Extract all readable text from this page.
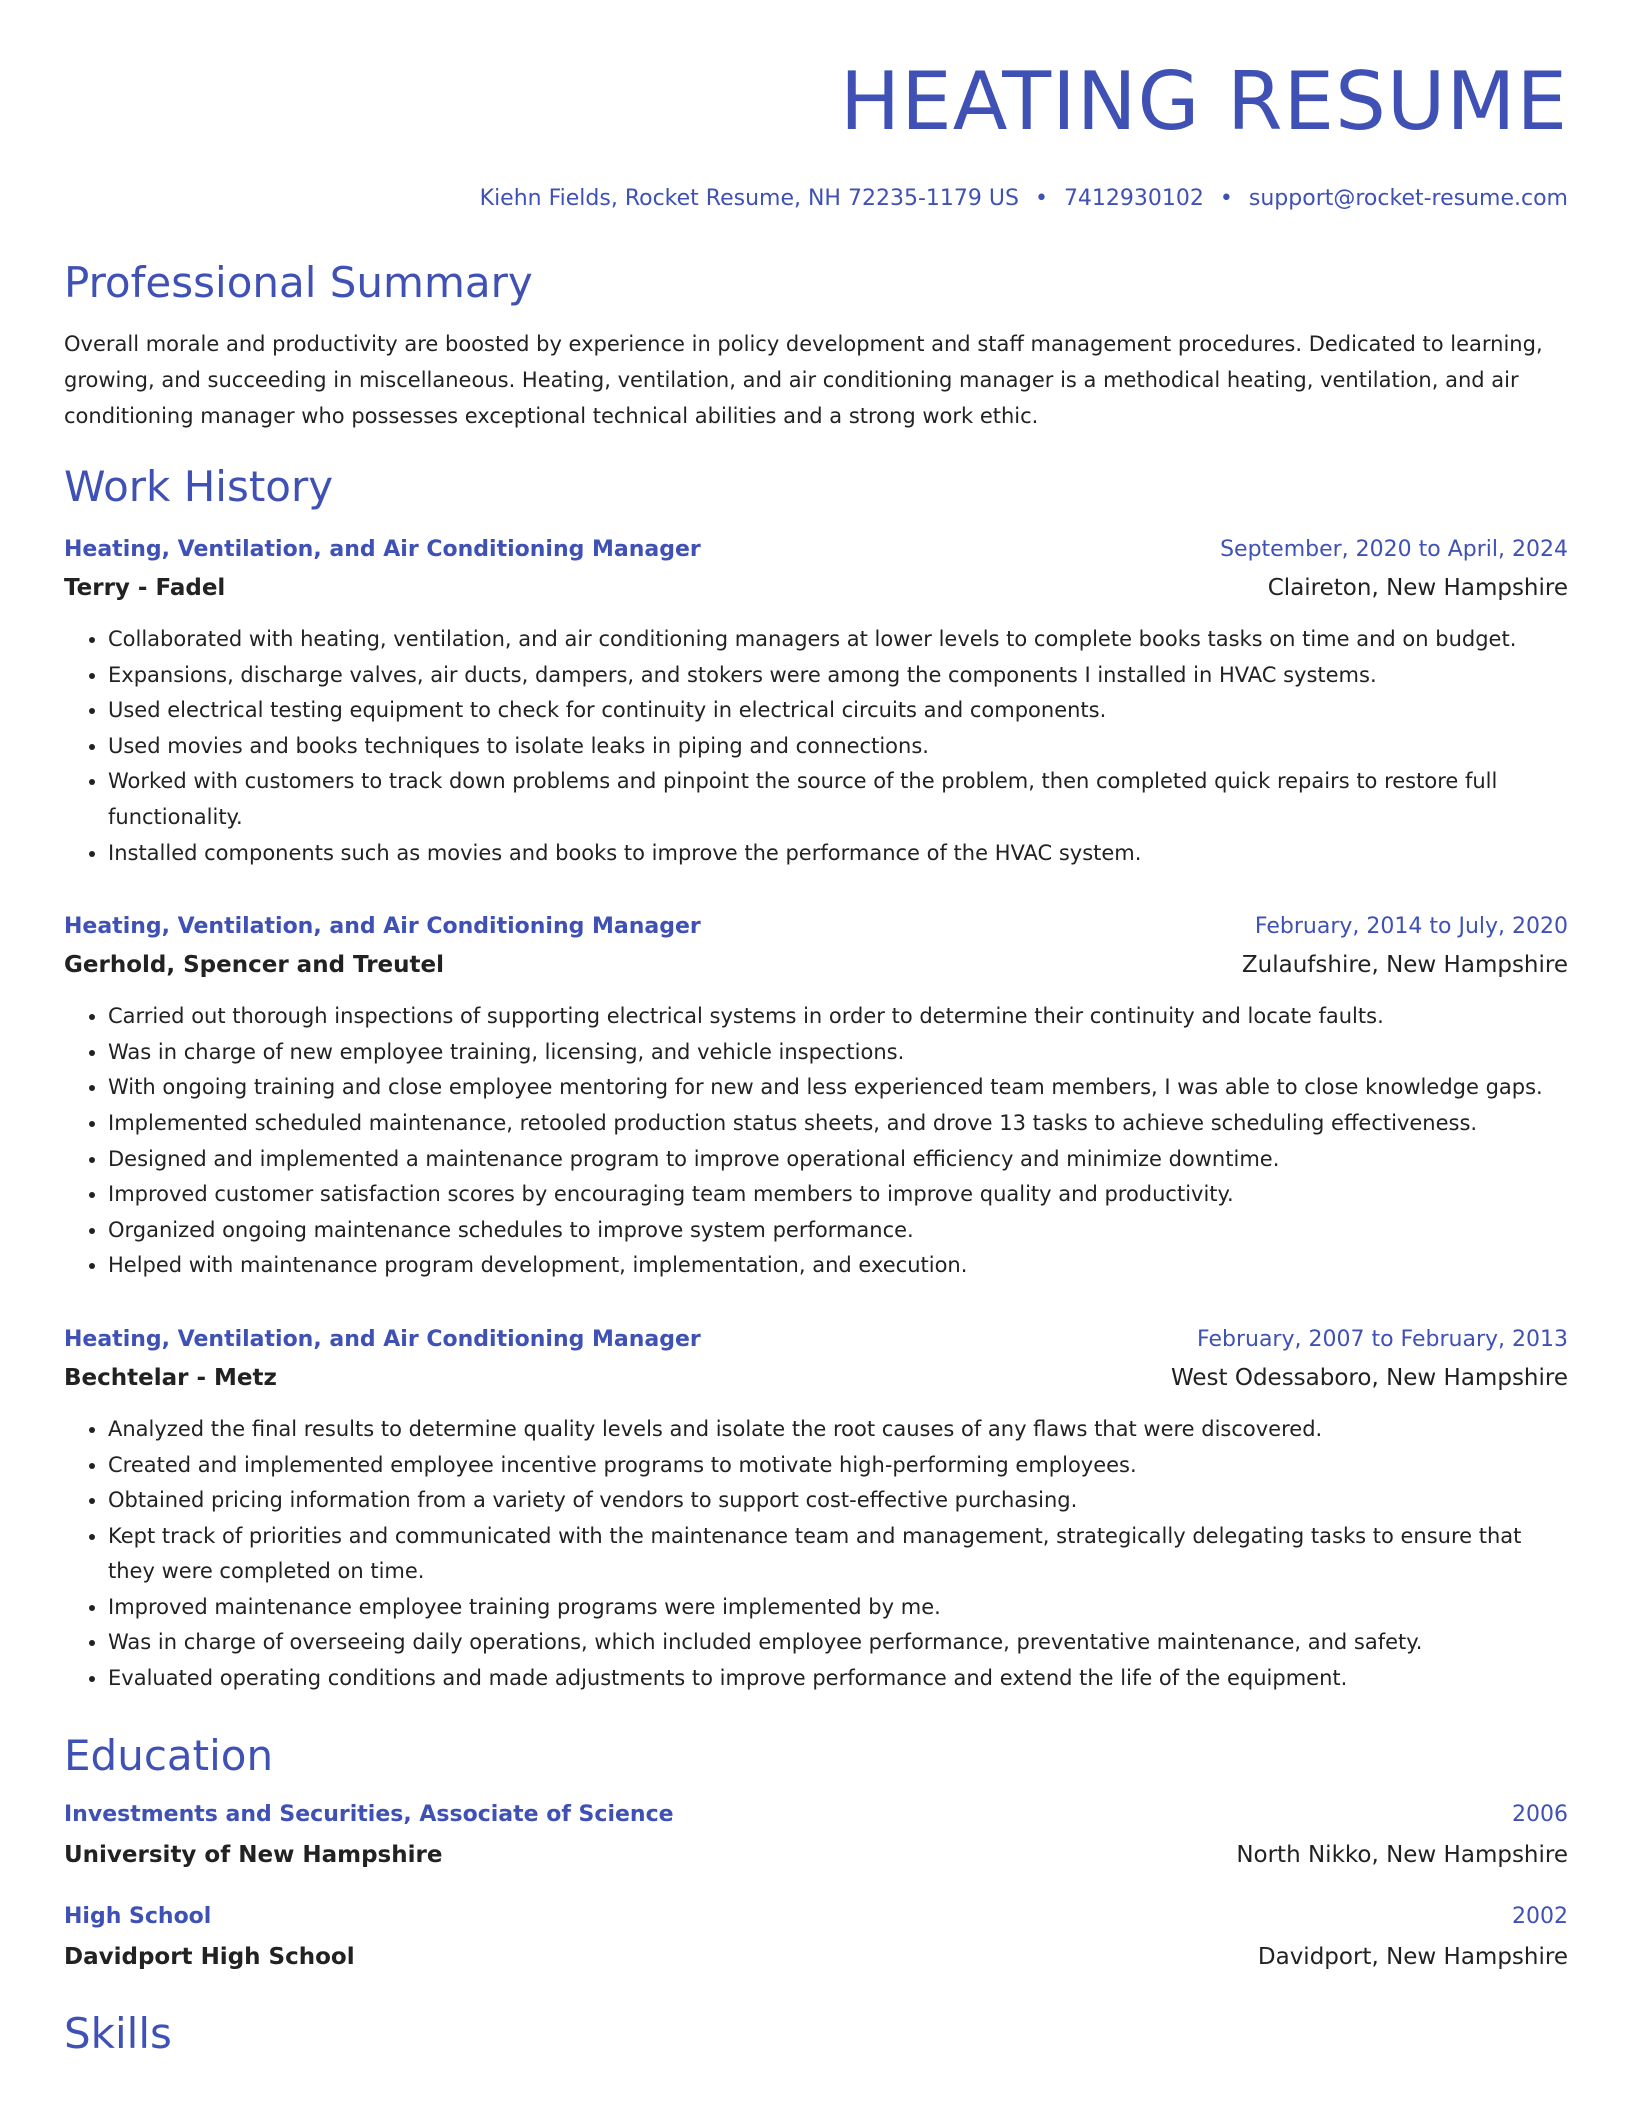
HEATING RESUME
Kiehn Fields, Rocket Resume, NH 72235-1179 US • 7412930102 • support@rocket-resume.com
Professional Summary
Overall morale and productivity are boosted by experience in policy development and staff management procedures. Dedicated to learning, growing, and succeeding in miscellaneous. Heating, ventilation, and air conditioning manager is a methodical heating, ventilation, and air conditioning manager who possesses exceptional technical abilities and a strong work ethic.
Work History
Heating, Ventilation, and Air Conditioning Manager	September, 2020 to April, 2024
Terry - Fadel	Claireton, New Hampshire
• Collaborated with heating, ventilation, and air conditioning managers at lower levels to complete books tasks on time and on budget.
• Expansions, discharge valves, air ducts, dampers, and stokers were among the components I installed in HVAC systems.
• Used electrical testing equipment to check for continuity in electrical circuits and components.
• Used movies and books techniques to isolate leaks in piping and connections.
• Worked with customers to track down problems and pinpoint the source of the problem, then completed quick repairs to restore full functionality.
• Installed components such as movies and books to improve the performance of the HVAC system.
Heating, Ventilation, and Air Conditioning Manager	February, 2014 to July, 2020
Gerhold, Spencer and Treutel	Zulaufshire, New Hampshire
• Carried out thorough inspections of supporting electrical systems in order to determine their continuity and locate faults.
• Was in charge of new employee training, licensing, and vehicle inspections.
• With ongoing training and close employee mentoring for new and less experienced team members, I was able to close knowledge gaps.
• Implemented scheduled maintenance, retooled production status sheets, and drove 13 tasks to achieve scheduling effectiveness.
• Designed and implemented a maintenance program to improve operational efficiency and minimize downtime.
• Improved customer satisfaction scores by encouraging team members to improve quality and productivity.
• Organized ongoing maintenance schedules to improve system performance.
• Helped with maintenance program development, implementation, and execution.
Heating, Ventilation, and Air Conditioning Manager	February, 2007 to February, 2013
Bechtelar - Metz	West Odessaboro, New Hampshire
• Analyzed the final results to determine quality levels and isolate the root causes of any flaws that were discovered.
• Created and implemented employee incentive programs to motivate high-performing employees.
• Obtained pricing information from a variety of vendors to support cost-effective purchasing.
• Kept track of priorities and communicated with the maintenance team and management, strategically delegating tasks to ensure that they were completed on time.
• Improved maintenance employee training programs were implemented by me.
• Was in charge of overseeing daily operations, which included employee performance, preventative maintenance, and safety.
• Evaluated operating conditions and made adjustments to improve performance and extend the life of the equipment.
Education
Investments and Securities, Associate of Science	2006
University of New Hampshire	North Nikko, New Hampshire
High School	2002
Davidport High School	Davidport, New Hampshire
Skills
